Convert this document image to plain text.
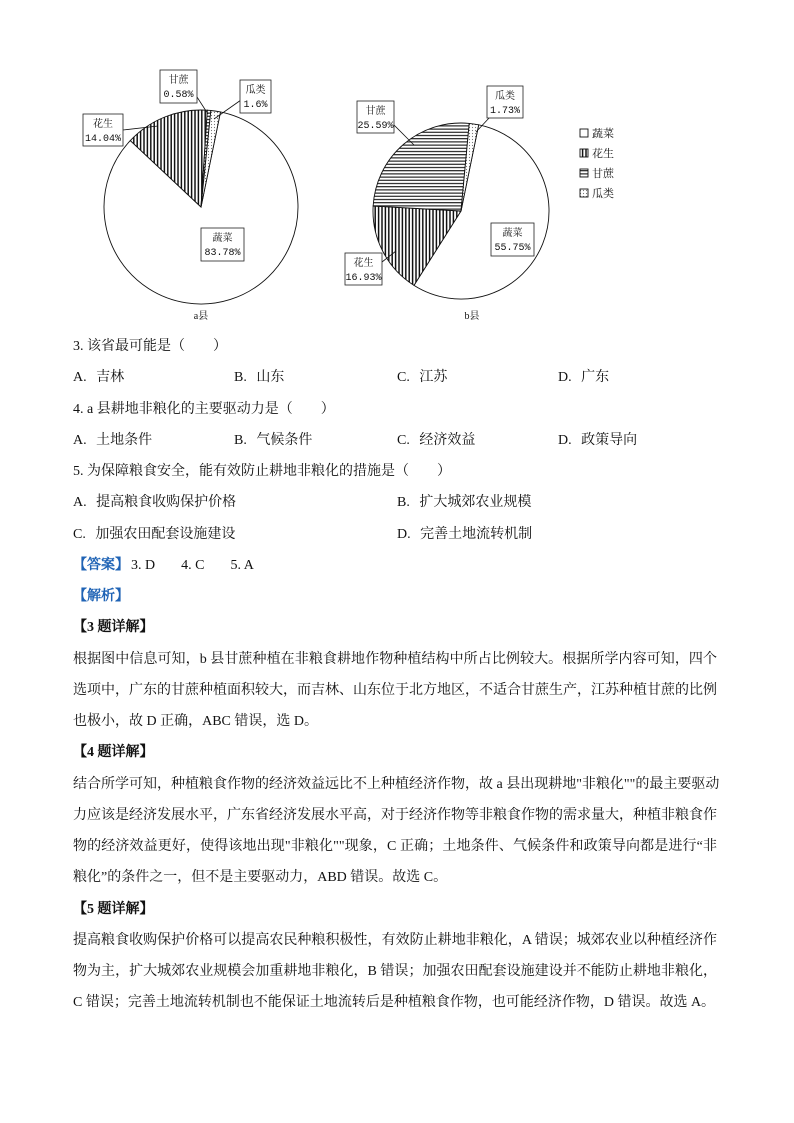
蔬菜
83.78%
花生
14.04%
甘蔗
0.58%	瓜类
1.6%
a县
蔬菜
55.75%
花生
16.93%
甘蔗
25.59%
瓜类
1.73%
b县
蔬菜
花生
甘蔗
瓜类
3. 该省最可能是（　　）
A. 吉林	B. 山东	C. 江苏	D. 广东
4. a 县耕地非粮化的主要驱动力是（　　）
A. 土地条件	B. 气候条件	C. 经济效益	D. 政策导向
5. 为保障粮食安全，能有效防止耕地非粮化的措施是（　　）
A. 提高粮食收购保护价格	B. 扩大城郊农业规模
C. 加强农田配套设施建设	D. 完善土地流转机制
【答案】 3. D 4. C 5. A
【解析】
【3 题详解】
根据图中信息可知，b 县甘蔗种植在非粮食耕地作物种植结构中所占比例较大。根据所学内容可知，四个
选项中，广东的甘蔗种植面积较大，而吉林、山东位于北方地区，不适合甘蔗生产，江苏种植甘蔗的比例
也极小，故 D 正确，ABC 错误，选 D。
【4 题详解】
结合所学可知，种植粮食作物的经济效益远比不上种植经济作物，故 a 县出现耕地"非粮化""的最主要驱动
力应该是经济发展水平，广东省经济发展水平高，对于经济作物等非粮食作物的需求量大，种植非粮食作
物的经济效益更好，使得该地出现"非粮化""现象，C 正确；土地条件、气候条件和政策导向都是进行“非
粮化”的条件之一，但不是主要驱动力，ABD 错误。故选 C。
【5 题详解】
提高粮食收购保护价格可以提高农民种粮积极性，有效防止耕地非粮化，A 错误；城郊农业以种植经济作
物为主，扩大城郊农业规模会加重耕地非粮化，B 错误；加强农田配套设施建设并不能防止耕地非粮化，
C 错误；完善土地流转机制也不能保证土地流转后是种植粮食作物，也可能经济作物，D 错误。故选 A。
